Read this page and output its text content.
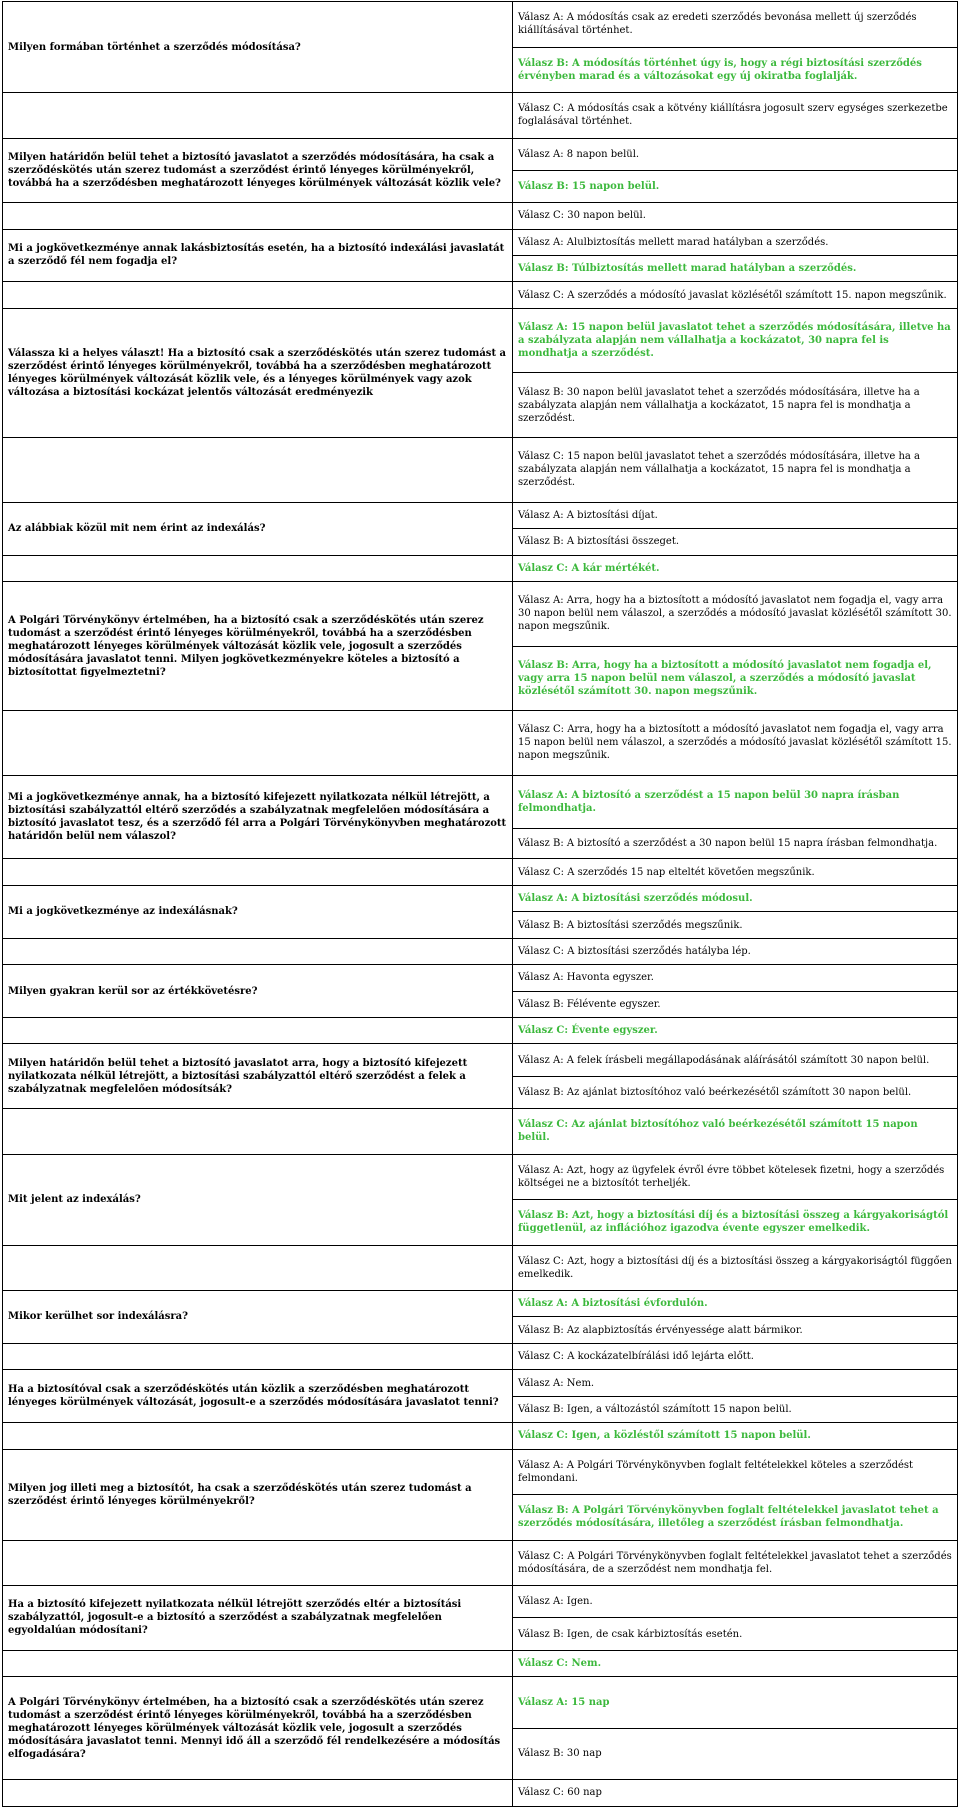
Milyen formában történhet a szerződés módosítása?	Válasz A: A módosítás csak az eredeti szerződés bevonása mellett új szerződés kiállításával történhet.
	Válasz B: A módosítás történhet úgy is, hogy a régi biztosítási szerződés érvényben marad és a változásokat egy új okiratba foglalják.
	Válasz C: A módosítás csak a kötvény kiállításra jogosult szerv egységes szerkezetbe foglalásával történhet.
Milyen határidőn belül tehet a biztosító javaslatot a szerződés módosítására, ha csak a szerződéskötés után szerez tudomást a szerződést érintő lényeges körülményekről, továbbá ha a szerződésben meghatározott lényeges körülmények változását közlik vele?	Válasz A: 8 napon belül.
	Válasz B: 15 napon belül.
	Válasz C: 30 napon belül.
Mi a jogkövetkezménye annak lakásbiztosítás esetén, ha a biztosító indexálási javaslatát a szerződő fél nem fogadja el?	Válasz A: Alulbiztosítás mellett marad hatályban a szerződés.
	Válasz B: Túlbiztosítás mellett marad hatályban a szerződés.
	Válasz C: A szerződés a módosító javaslat közlésétől számított 15. napon megszűnik.
Válassza ki a helyes választ! Ha a biztosító csak a szerződéskötés után szerez tudomást a szerződést érintő lényeges körülményekről, továbbá ha a szerződésben meghatározott lényeges körülmények változását közlik vele, és a lényeges körülmények vagy azok változása a biztosítási kockázat jelentős változását eredményezik	Válasz A: 15 napon belül javaslatot tehet a szerződés módosítására, illetve ha a szabályzata alapján nem vállalhatja a kockázatot, 30 napra fel is mondhatja a szerződést.
	Válasz B: 30 napon belül javaslatot tehet a szerződés módosítására, illetve ha a szabályzata alapján nem vállalhatja a kockázatot, 15 napra fel is mondhatja a szerződést.
	Válasz C: 15 napon belül javaslatot tehet a szerződés módosítására, illetve ha a szabályzata alapján nem vállalhatja a kockázatot, 15 napra fel is mondhatja a szerződést.
Az alábbiak közül mit nem érint az indexálás?	Válasz A: A biztosítási díjat.
	Válasz B: A biztosítási összeget.
	Válasz C: A kár mértékét.
A Polgári Törvénykönyv értelmében, ha a biztosító csak a szerződéskötés után szerez tudomást a szerződést érintő lényeges körülményekről, továbbá ha a szerződésben meghatározott lényeges körülmények változását közlik vele, jogosult a szerződés módosítására javaslatot tenni. Milyen jogkövetkezményekre köteles a biztosító a biztosítottat figyelmeztetni?	Válasz A: Arra, hogy ha a biztosított a módosító javaslatot nem fogadja el, vagy arra 30 napon belül nem válaszol, a szerződés a módosító javaslat közlésétől számított 30. napon megszűnik.
	Válasz B: Arra, hogy ha a biztosított a módosító javaslatot nem fogadja el, vagy arra 15 napon belül nem válaszol, a szerződés a módosító javaslat közlésétől számított 30. napon megszűnik.
	Válasz C: Arra, hogy ha a biztosított a módosító javaslatot nem fogadja el, vagy arra 15 napon belül nem válaszol, a szerződés a módosító javaslat közlésétől számított 15. napon megszűnik.
Mi a jogkövetkezménye annak, ha a biztosító kifejezett nyilatkozata nélkül létrejött, a biztosítási szabályzattól eltérő szerződés a szabályzatnak megfelelően módosítására a biztosító javaslatot tesz, és a szerződő fél arra a Polgári Törvénykönyvben meghatározott határidőn belül nem válaszol?	Válasz A: A biztosító a szerződést a 15 napon belül 30 napra írásban felmondhatja.
	Válasz B: A biztosító a szerződést a 30 napon belül 15 napra írásban felmondhatja.
	Válasz C: A szerződés 15 nap elteltét követően megszűnik.
Mi a jogkövetkezménye az indexálásnak?	Válasz A: A biztosítási szerződés módosul.
	Válasz B: A biztosítási szerződés megszűnik.
	Válasz C: A biztosítási szerződés hatályba lép.
Milyen gyakran kerül sor az értékkövetésre?	Válasz A: Havonta egyszer.
	Válasz B: Félévente egyszer.
	Válasz C: Évente egyszer.
Milyen határidőn belül tehet a biztosító javaslatot arra, hogy a biztosító kifejezett nyilatkozata nélkül létrejött, a biztosítási szabályzattól eltérő szerződést a felek a szabályzatnak megfelelően módosítsák?	Válasz A: A felek írásbeli megállapodásának aláírásától számított 30 napon belül.
	Válasz B: Az ajánlat biztosítóhoz való beérkezésétől számított 30 napon belül.
	Válasz C: Az ajánlat biztosítóhoz való beérkezésétől számított 15 napon belül.
Mit jelent az indexálás?	Válasz A: Azt, hogy az ügyfelek évről évre többet kötelesek fizetni, hogy a szerződés költségei ne a biztosítót terheljék.
	Válasz B: Azt, hogy a biztosítási díj és a biztosítási összeg a kárgyakoriságtól függetlenül, az inflációhoz igazodva évente egyszer emelkedik.
	Válasz C: Azt, hogy a biztosítási díj és a biztosítási összeg a kárgyakoriságtól függően emelkedik.
Mikor kerülhet sor indexálásra?	Válasz A: A biztosítási évfordulón.
	Válasz B: Az alapbiztosítás érvényessége alatt bármikor.
	Válasz C: A kockázatelbírálási idő lejárta előtt.
Ha a biztosítóval csak a szerződéskötés után közlik a szerződésben meghatározott lényeges körülmények változását, jogosult-e a szerződés módosítására javaslatot tenni?	Válasz A: Nem.
	Válasz B: Igen, a változástól számított 15 napon belül.
	Válasz C: Igen, a közléstől számított 15 napon belül.
Milyen jog illeti meg a biztosítót, ha csak a szerződéskötés után szerez tudomást a szerződést érintő lényeges körülményekről?	Válasz A: A Polgári Törvénykönyvben foglalt feltételekkel köteles a szerződést felmondani.
	Válasz B: A Polgári Törvénykönyvben foglalt feltételekkel javaslatot tehet a szerződés módosítására, illetőleg a szerződést írásban felmondhatja.
	Válasz C: A Polgári Törvénykönyvben foglalt feltételekkel javaslatot tehet a szerződés módosítására, de a szerződést nem mondhatja fel.
Ha a biztosító kifejezett nyilatkozata nélkül létrejött szerződés eltér a biztosítási szabályzattól, jogosult-e a biztosító a szerződést a szabályzatnak megfelelően egyoldalúan módosítani?	Válasz A: Igen.
	Válasz B: Igen, de csak kárbiztosítás esetén.
	Válasz C: Nem.
A Polgári Törvénykönyv értelmében, ha a biztosító csak a szerződéskötés után szerez tudomást a szerződést érintő lényeges körülményekről, továbbá ha a szerződésben meghatározott lényeges körülmények változását közlik vele, jogosult a szerződés módosítására javaslatot tenni. Mennyi idő áll a szerződő fél rendelkezésére a módosítás elfogadására?	Válasz A: 15 nap
	Válasz B: 30 nap
	Válasz C: 60 nap
